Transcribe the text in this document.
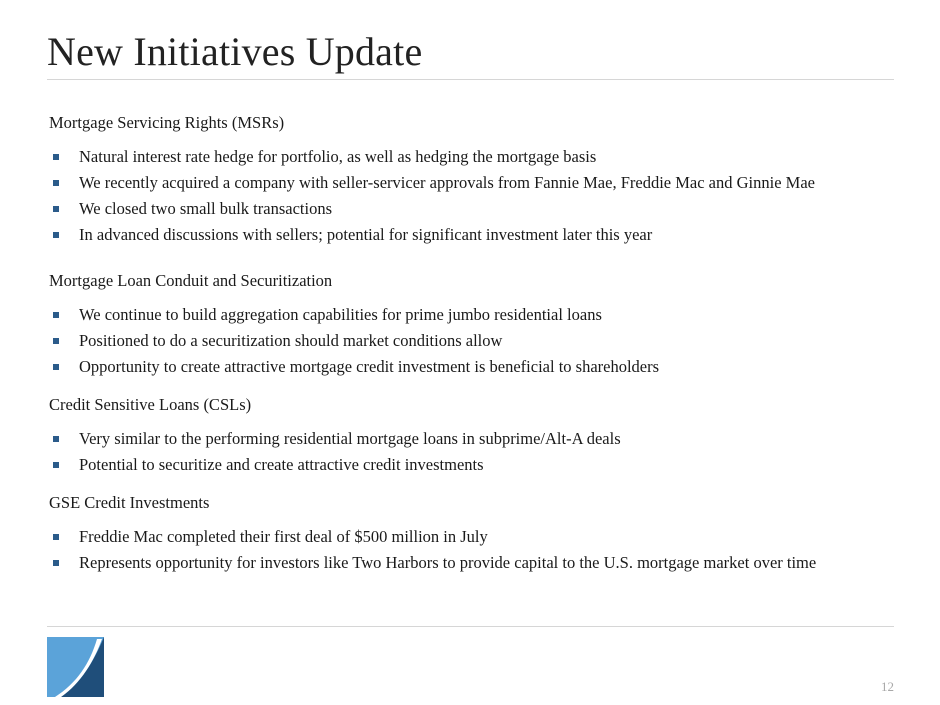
New Initiatives Update
Mortgage Servicing Rights (MSRs)
Natural interest rate hedge for portfolio, as well as hedging the mortgage basis
We recently acquired a company with seller-servicer approvals from Fannie Mae, Freddie Mac and Ginnie Mae
We closed two small bulk transactions
In advanced discussions with sellers; potential for significant investment later this year
Mortgage Loan Conduit and Securitization
We continue to build aggregation capabilities for prime jumbo residential loans
Positioned to do a securitization should market conditions allow
Opportunity to create attractive mortgage credit investment is beneficial to shareholders
Credit Sensitive Loans (CSLs)
Very similar to the performing residential mortgage loans in subprime/Alt-A deals
Potential to securitize and create attractive credit investments
GSE Credit Investments
Freddie Mac completed their first deal of $500 million in July
Represents opportunity for investors like Two Harbors to provide capital to the U.S. mortgage market over time
12
